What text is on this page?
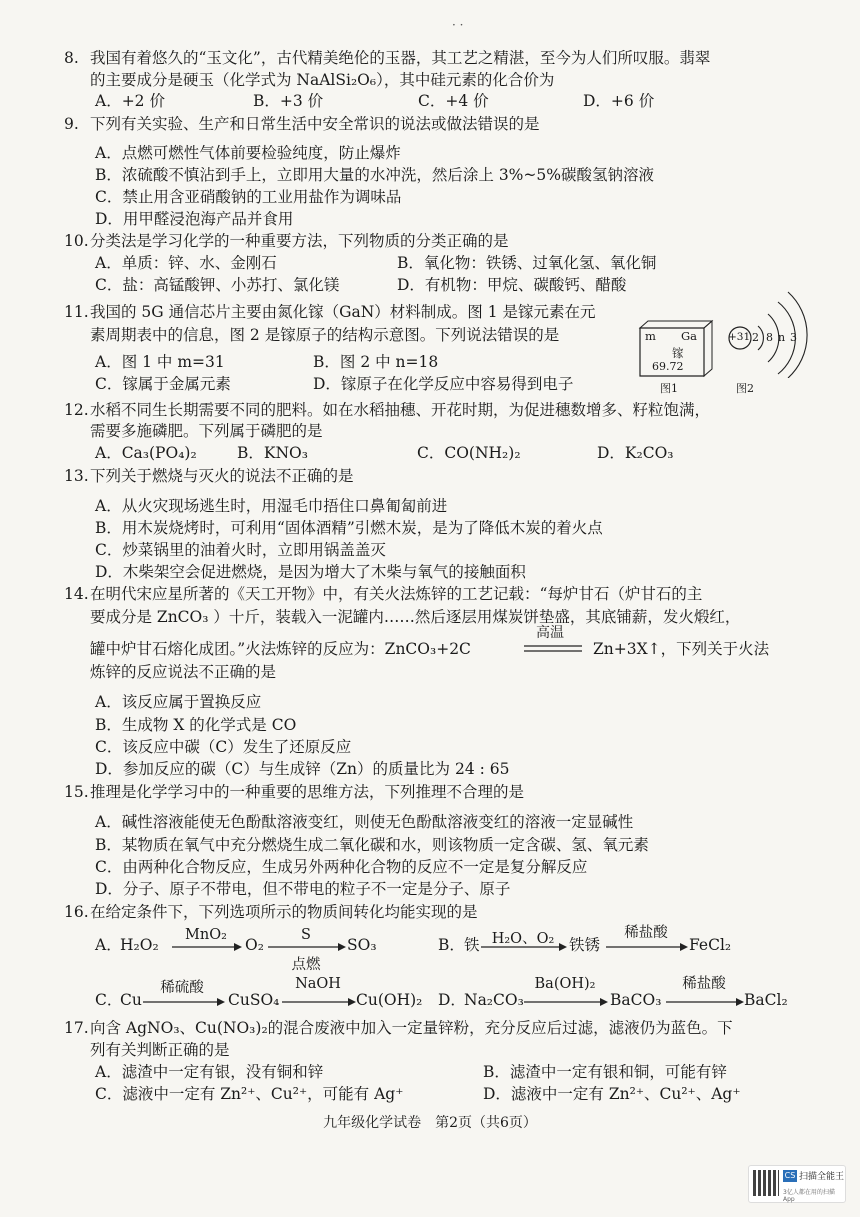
· ·
8. 我国有着悠久的“玉文化”，古代精美绝伦的玉器，其工艺之精湛，至今为人们所叹服。翡翠
的主要成分是硬玉（化学式为 NaAlSi₂O₆），其中硅元素的化合价为
A．+2 价	B．+3 价	C．+4 价	D．+6 价
9. 下列有关实验、生产和日常生活中安全常识的说法或做法错误的是
A．点燃可燃性气体前要检验纯度，防止爆炸
B．浓硫酸不慎沾到手上，立即用大量的水冲洗，然后涂上 3%~5%碳酸氢钠溶液
C．禁止用含亚硝酸钠的工业用盐作为调味品
D．用甲醛浸泡海产品并食用
10. 分类法是学习化学的一种重要方法，下列物质的分类正确的是
A．单质：锌、水、金刚石	B．氧化物：铁锈、过氧化氢、氧化铜
C．盐：高锰酸钾、小苏打、氯化镁	D．有机物：甲烷、碳酸钙、醋酸
11. 我国的 5G 通信芯片主要由氮化镓（GaN）材料制成。图 1 是镓元素在元
素周期表中的信息，图 2 是镓原子的结构示意图。下列说法错误的是
A．图 1 中 m=31	B．图 2 中 n=18
C．镓属于金属元素	D．镓原子在化学反应中容易得到电子
m Ga
镓
69.72
图1
+31 2 8 n 3
图2
12. 水稻不同生长期需要不同的肥料。如在水稻抽穗、开花时期，为促进穗数增多、籽粒饱满，
需要多施磷肥。下列属于磷肥的是
A．Ca₃(PO₄)₂	B．KNO₃	C．CO(NH₂)₂	D．K₂CO₃
13. 下列关于燃烧与灭火的说法不正确的是
A．从火灾现场逃生时，用湿毛巾捂住口鼻匍匐前进
B．用木炭烧烤时，可利用“固体酒精”引燃木炭，是为了降低木炭的着火点
C．炒菜锅里的油着火时，立即用锅盖盖灭
D．木柴架空会促进燃烧，是因为增大了木柴与氧气的接触面积
14. 在明代宋应星所著的《天工开物》中，有关火法炼锌的工艺记载：“每炉甘石（炉甘石的主
要成分是 ZnCO₃ ）十斤，装载入一泥罐内……然后逐层用煤炭饼垫盛，其底铺薪，发火煅红，
罐中炉甘石熔化成团。”火法炼锌的反应为：ZnCO₃+2C
高温
Zn+3X↑，下列关于火法
炼锌的反应说法不正确的是
A．该反应属于置换反应
B．生成物 X 的化学式是 CO
C．该反应中碳（C）发生了还原反应
D．参加反应的碳（C）与生成锌（Zn）的质量比为 24 : 65
15. 推理是化学学习中的一种重要的思维方法，下列推理不合理的是
A．碱性溶液能使无色酚酞溶液变红，则使无色酚酞溶液变红的溶液一定显碱性
B．某物质在氧气中充分燃烧生成二氧化碳和水，则该物质一定含碳、氢、氧元素
C．由两种化合物反应，生成另外两种化合物的反应不一定是复分解反应
D．分子、原子不带电，但不带电的粒子不一定是分子、原子
16. 在给定条件下，下列选项所示的物质间转化均能实现的是
A．
H₂O₂
MnO₂
O₂
S
点燃
SO₃	B． 铁 H₂O、O₂ 铁锈
稀盐酸
FeCl₂
C．
Cu
稀硫酸
CuSO₄
NaOH
Cu(OH)₂ D．
Na₂CO₃
Ba(OH)₂
BaCO₃
稀盐酸
BaCl₂
17. 向含 AgNO₃、Cu(NO₃)₂的混合废液中加入一定量锌粉，充分反应后过滤，滤液仍为蓝色。下
列有关判断正确的是
A．滤渣中一定有银，没有铜和锌	B．滤渣中一定有银和铜，可能有锌
C．滤液中一定有 Zn²⁺、Cu²⁺，可能有 Ag⁺	D．滤液中一定有 Zn²⁺、Cu²⁺、Ag⁺
九年级化学试卷　第2页（共6页）
CS 扫描全能王
3亿人都在用的扫描App
